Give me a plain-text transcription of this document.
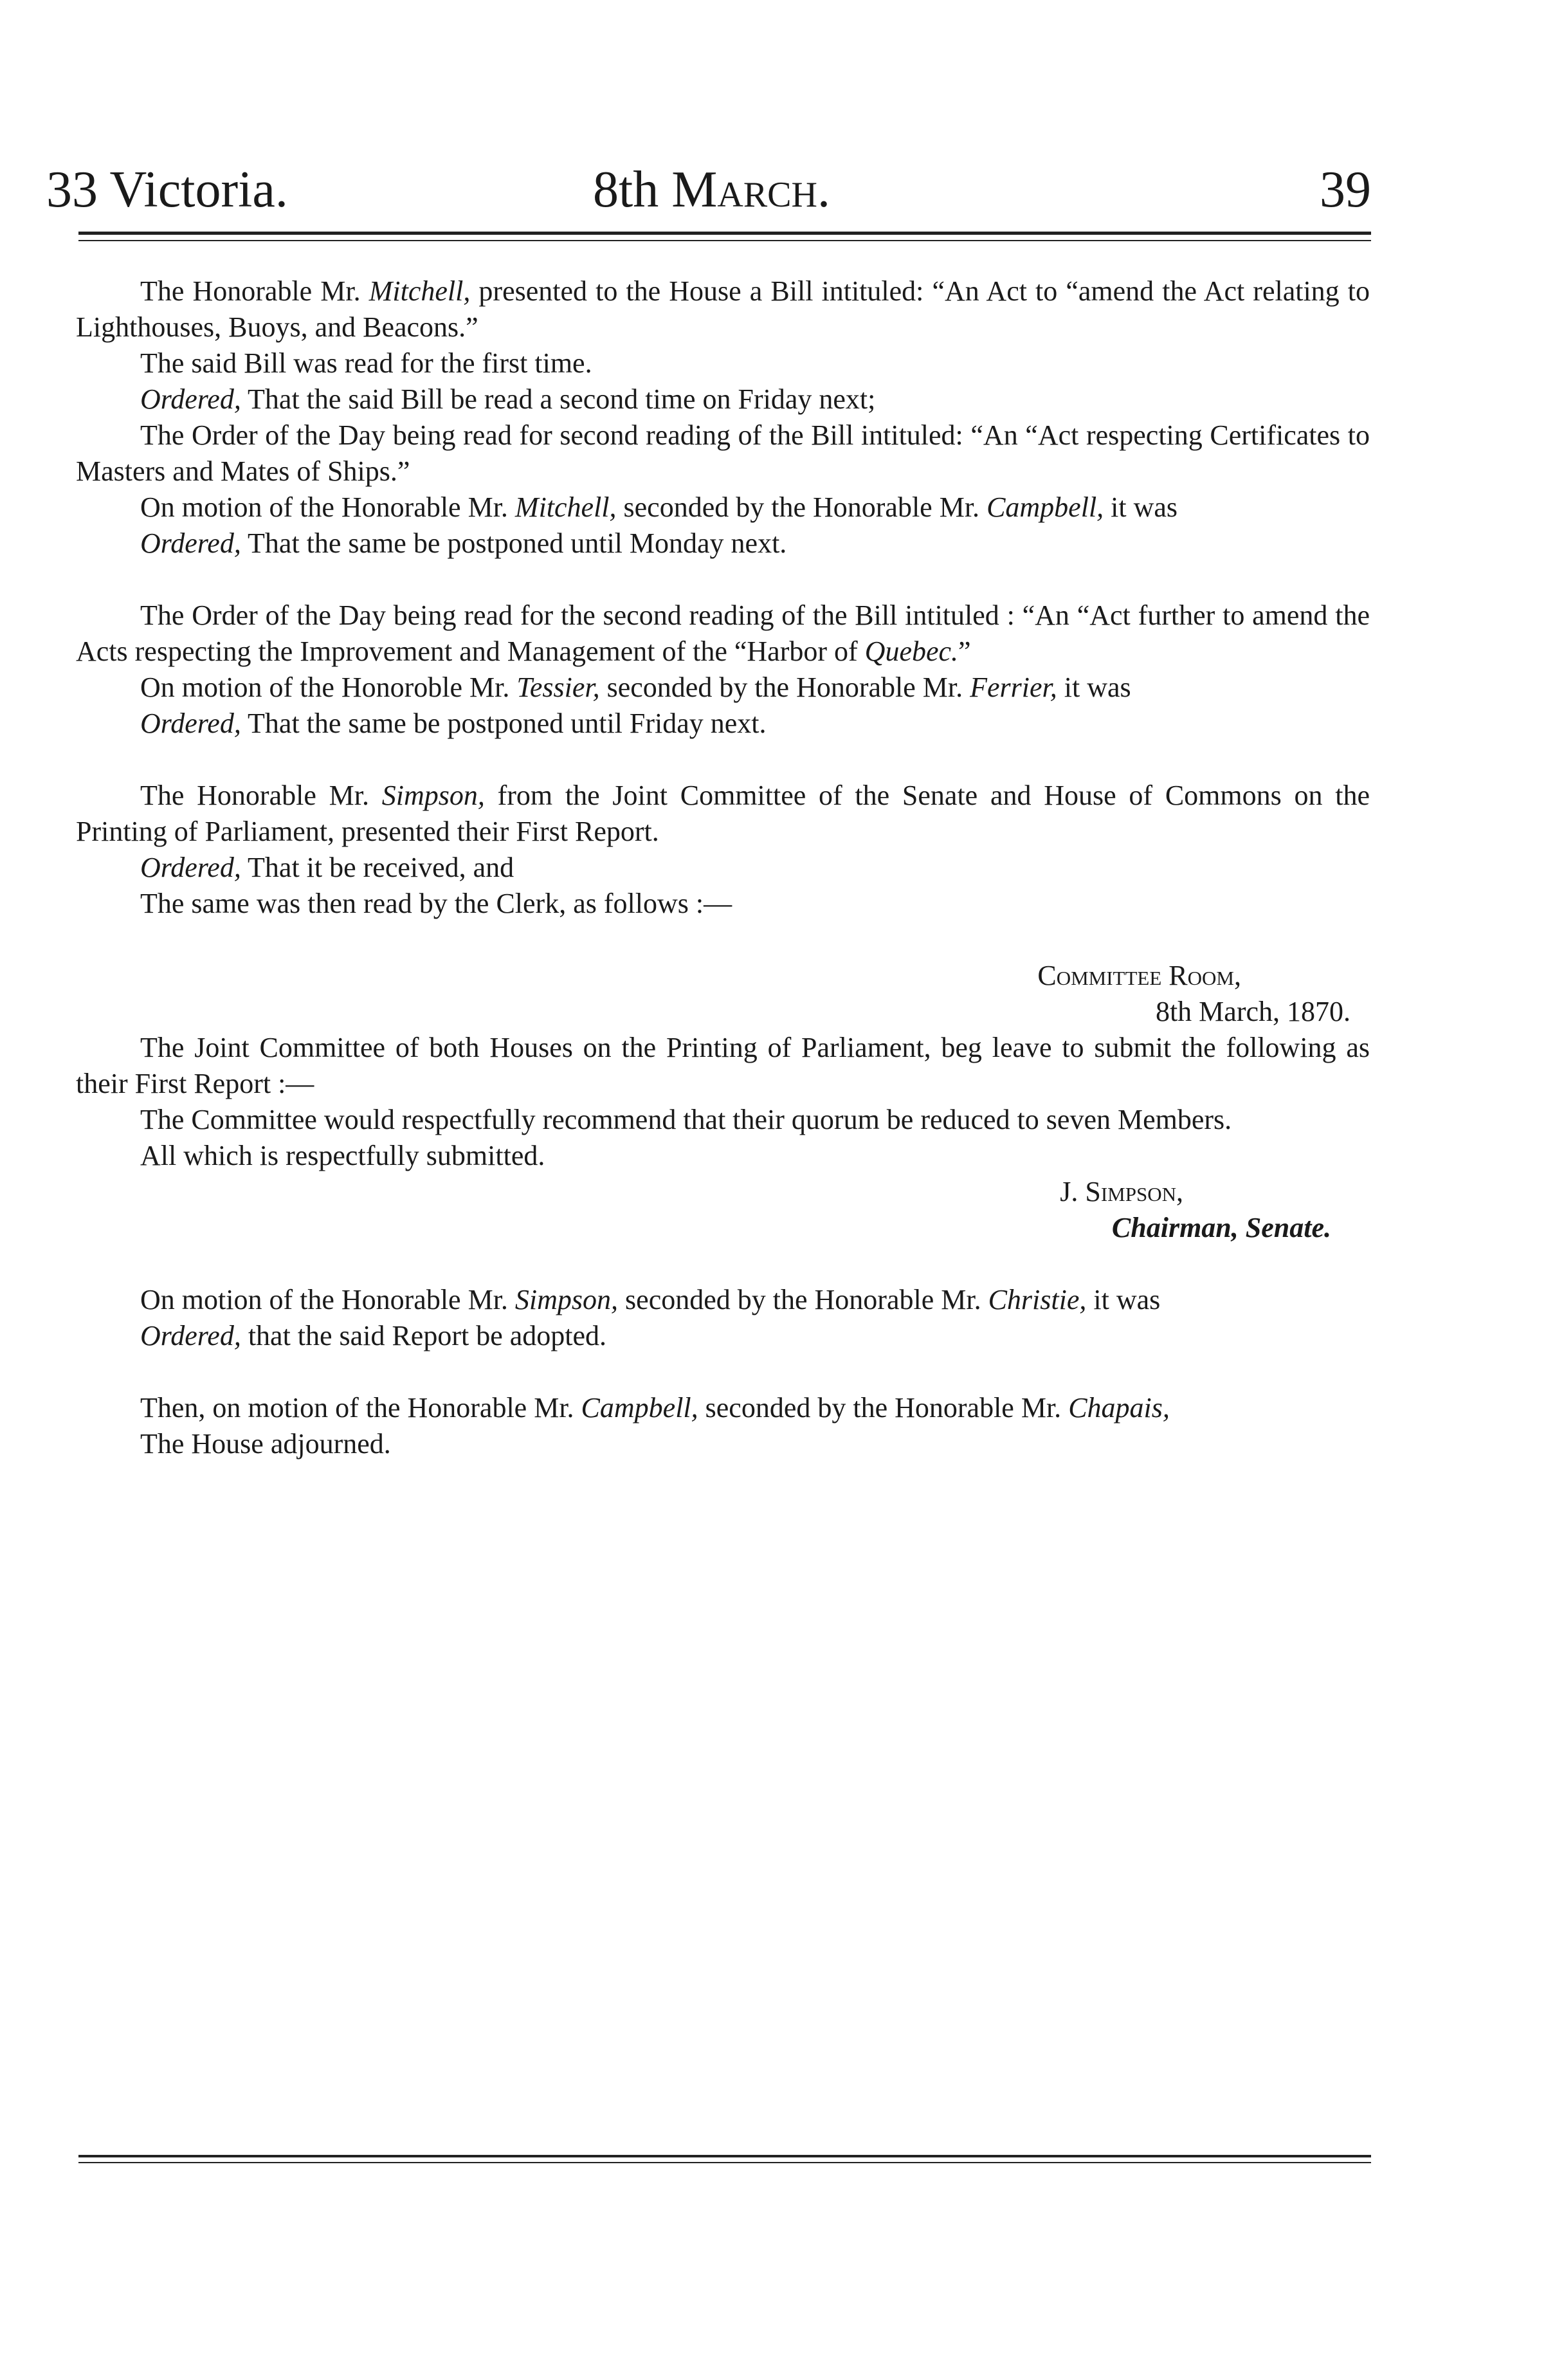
33 Victoria.	8th March.	39

The Honorable Mr. Mitchell, presented to the House a Bill intituled: “An Act to “amend the Act relating to Lighthouses, Buoys, and Beacons.”

The said Bill was read for the first time.

Ordered, That the said Bill be read a second time on Friday next;

The Order of the Day being read for second reading of the Bill intituled: “An “Act respecting Certificates to Masters and Mates of Ships.”

On motion of the Honorable Mr. Mitchell, seconded by the Honorable Mr. Campbell, it was

Ordered, That the same be postponed until Monday next.

The Order of the Day being read for the second reading of the Bill intituled : “An “Act further to amend the Acts respecting the Improvement and Management of the “Harbor of Quebec.”

On motion of the Honoroble Mr. Tessier, seconded by the Honorable Mr. Ferrier, it was

Ordered, That the same be postponed until Friday next.

The Honorable Mr. Simpson, from the Joint Committee of the Senate and House of Commons on the Printing of Parliament, presented their First Report.

Ordered, That it be received, and

The same was then read by the Clerk, as follows :—

Committee Room,

8th March, 1870.

The Joint Committee of both Houses on the Printing of Parliament, beg leave to submit the following as their First Report :—

The Committee would respectfully recommend that their quorum be reduced to seven Members.

All which is respectfully submitted.

J. Simpson,

Chairman, Senate.

On motion of the Honorable Mr. Simpson, seconded by the Honorable Mr. Christie, it was

Ordered, that the said Report be adopted.

Then, on motion of the Honorable Mr. Campbell, seconded by the Honorable Mr. Chapais,

The House adjourned.
